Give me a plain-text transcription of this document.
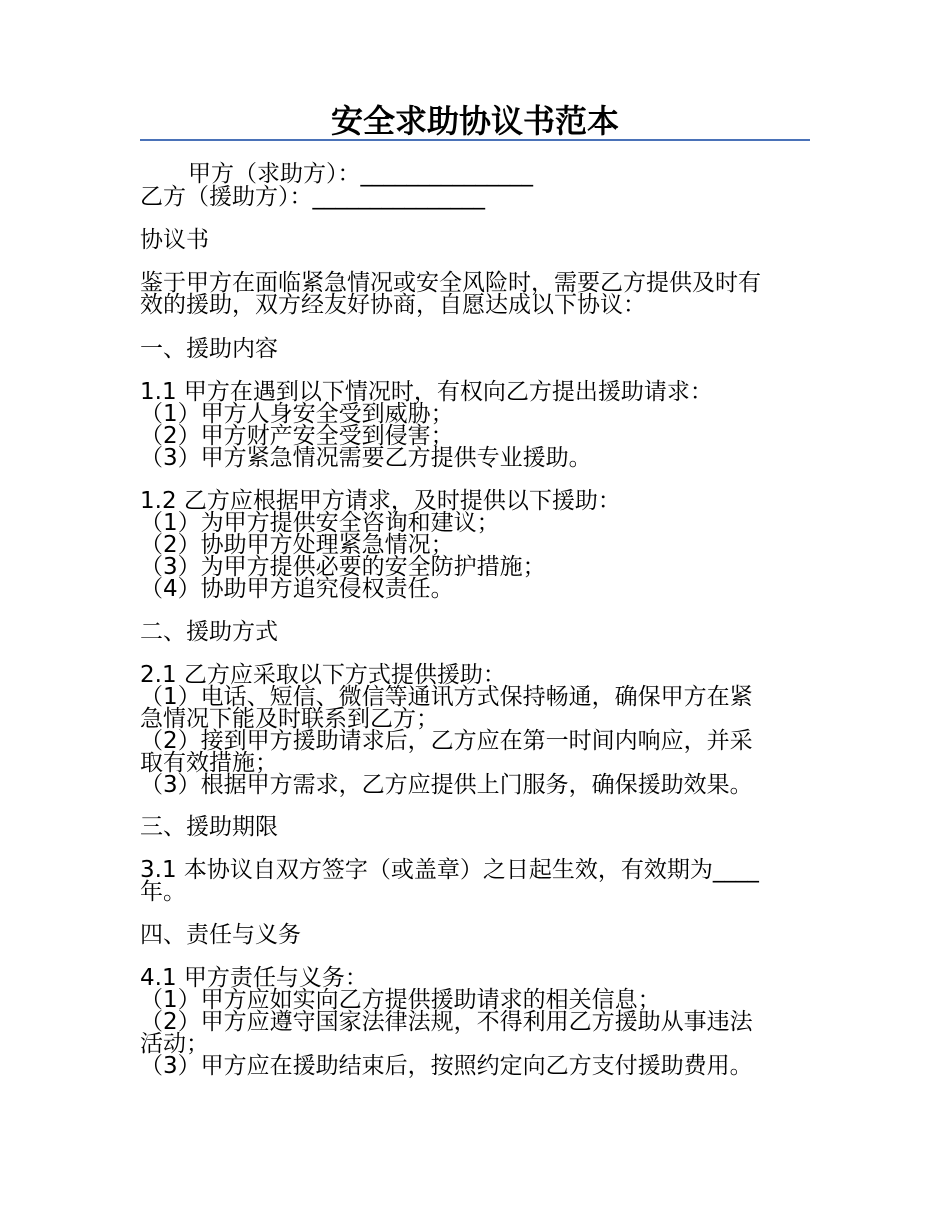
安全求助协议书范本
甲方（求助方）：_______________
乙方（援助方）：_______________
协议书
鉴于甲方在面临紧急情况或安全风险时，需要乙方提供及时有
效的援助，双方经友好协商，自愿达成以下协议：
一、援助内容
1.1 甲方在遇到以下情况时，有权向乙方提出援助请求：
（1）甲方人身安全受到威胁；
（2）甲方财产安全受到侵害；
（3）甲方紧急情况需要乙方提供专业援助。
1.2 乙方应根据甲方请求，及时提供以下援助：
（1）为甲方提供安全咨询和建议；
（2）协助甲方处理紧急情况；
（3）为甲方提供必要的安全防护措施；
（4）协助甲方追究侵权责任。
二、援助方式
2.1 乙方应采取以下方式提供援助：
（1）电话、短信、微信等通讯方式保持畅通，确保甲方在紧
急情况下能及时联系到乙方；
（2）接到甲方援助请求后，乙方应在第一时间内响应，并采
取有效措施；
（3）根据甲方需求，乙方应提供上门服务，确保援助效果。
三、援助期限
3.1 本协议自双方签字（或盖章）之日起生效，有效期为____
年。
四、责任与义务
4.1 甲方责任与义务：
（1）甲方应如实向乙方提供援助请求的相关信息；
（2）甲方应遵守国家法律法规，不得利用乙方援助从事违法
活动；
（3）甲方应在援助结束后，按照约定向乙方支付援助费用。
